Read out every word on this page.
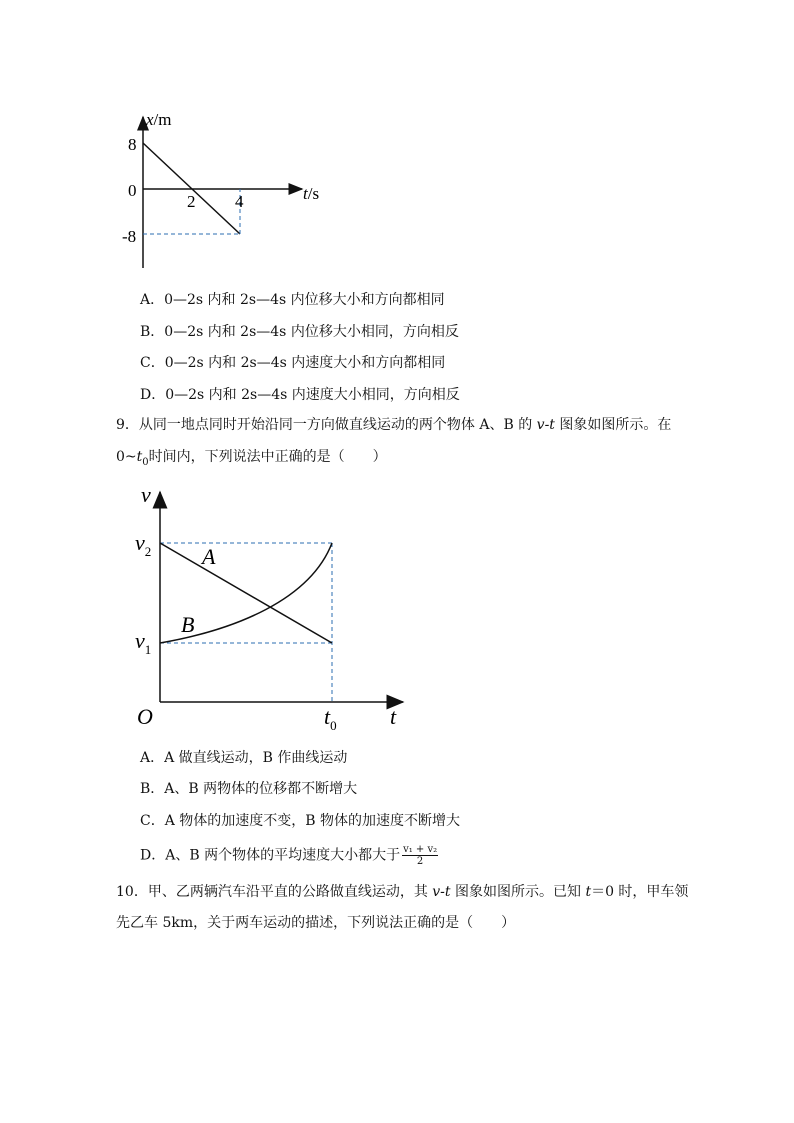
x/m
8
0
-8
2 4	t/s
A．0—2s 内和 2s—4s 内位移大小和方向都相同
B．0—2s 内和 2s—4s 内位移大小相同，方向相反
C．0—2s 内和 2s—4s 内速度大小和方向都相同
D．0—2s 内和 2s—4s 内速度大小相同，方向相反
9．从同一地点同时开始沿同一方向做直线运动的两个物体 A、B 的 v-t 图象如图所示。在
$0\sim t_0$时间内，下列说法中正确的是（　　）
v
$v_2$
$v_1$
O	$t_0$ t
A
B
A．A 做直线运动，B 作曲线运动
B．A、B 两物体的位移都不断增大
C．A 物体的加速度不变，B 物体的加速度不断增大
D．A、B 两个物体的平均速度大小都大于 $\frac{\text{v₁ + v₂}}{2}$
10．甲、乙两辆汽车沿平直的公路做直线运动，其 v-t 图象如图所示。已知 t＝0 时，甲车领
先乙车 5km，关于两车运动的描述，下列说法正确的是（　　）
